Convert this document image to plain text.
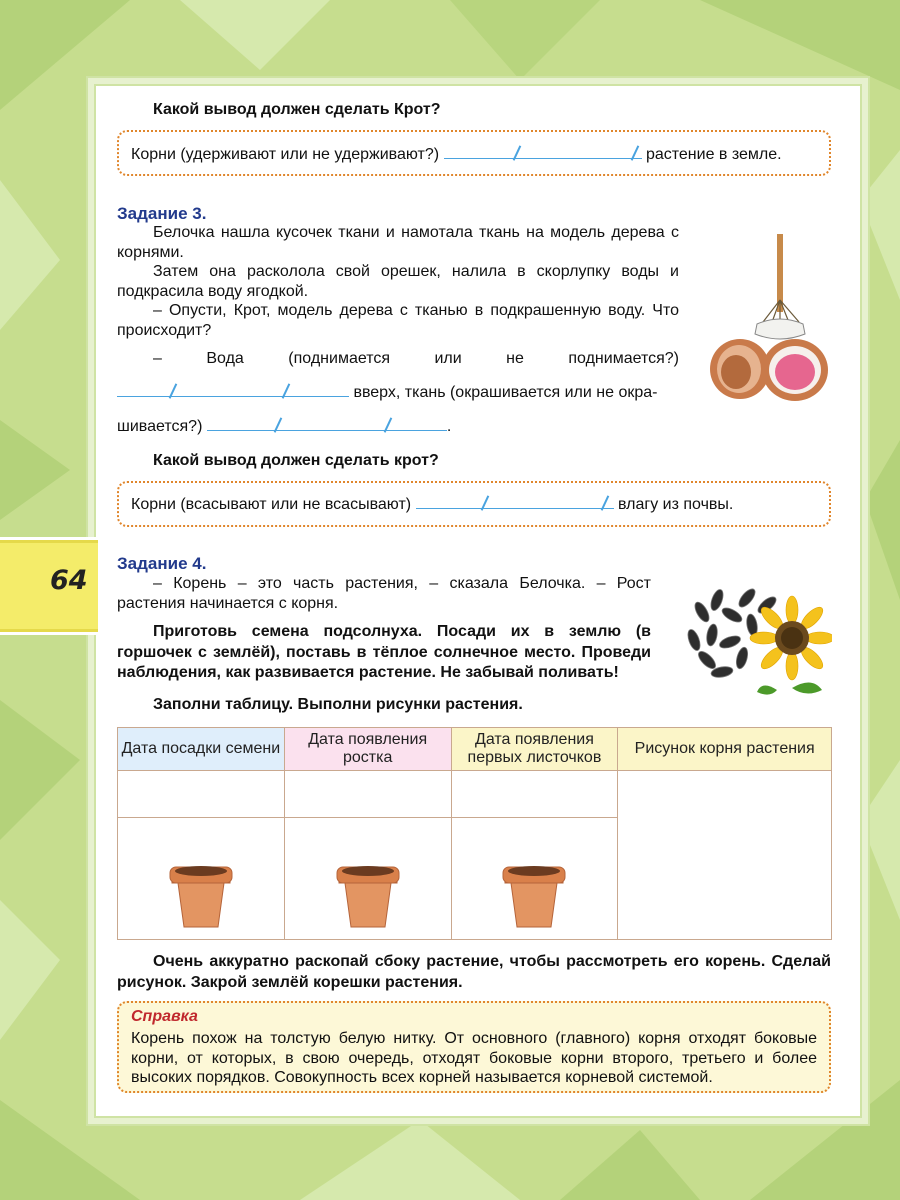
Какой вывод должен сделать Крот?
Корни (удерживают или не удерживают?)	растение в земле.
Задание 3.
Белочка нашла кусочек ткани и намотала ткань на модель дерева с корнями.
Затем она расколола свой орешек, налила в скорлупку воды и подкрасила воду ягодкой.
– Опусти, Крот, модель дерева с тканью в подкрашенную воду. Что происходит?
– Вода (поднимается или не поднимается?)
вверх, ткань (окрашивается или не окра-
шивается?)	.
Какой вывод должен сделать крот?
Корни (всасывают или не всасывают)	влагу из почвы.
64
Задание 4.
– Корень – это часть растения, – сказала Белочка. – Рост растения начинается с корня.
Приготовь семена подсолнуха. Посади их в землю (в горшочек с землёй), поставь в тёплое солнечное место. Проведи наблюдения, как развивается растение. Не забывай поливать!
Заполни таблицу. Выполни рисунки растения.
Дата посадки семени	Дата появления ростка	Дата появления первых листочков	Рисунок корня растения

Очень аккуратно раскопай сбоку растение, чтобы рассмотреть его корень. Сделай рисунок. Закрой землёй корешки растения.
Справка
Корень похож на толстую белую нитку. От основного (главного) корня отходят боковые корни, от которых, в свою очередь, отходят боковые корни второго, третьего и более высоких порядков. Совокупность всех корней называется корневой системой.
